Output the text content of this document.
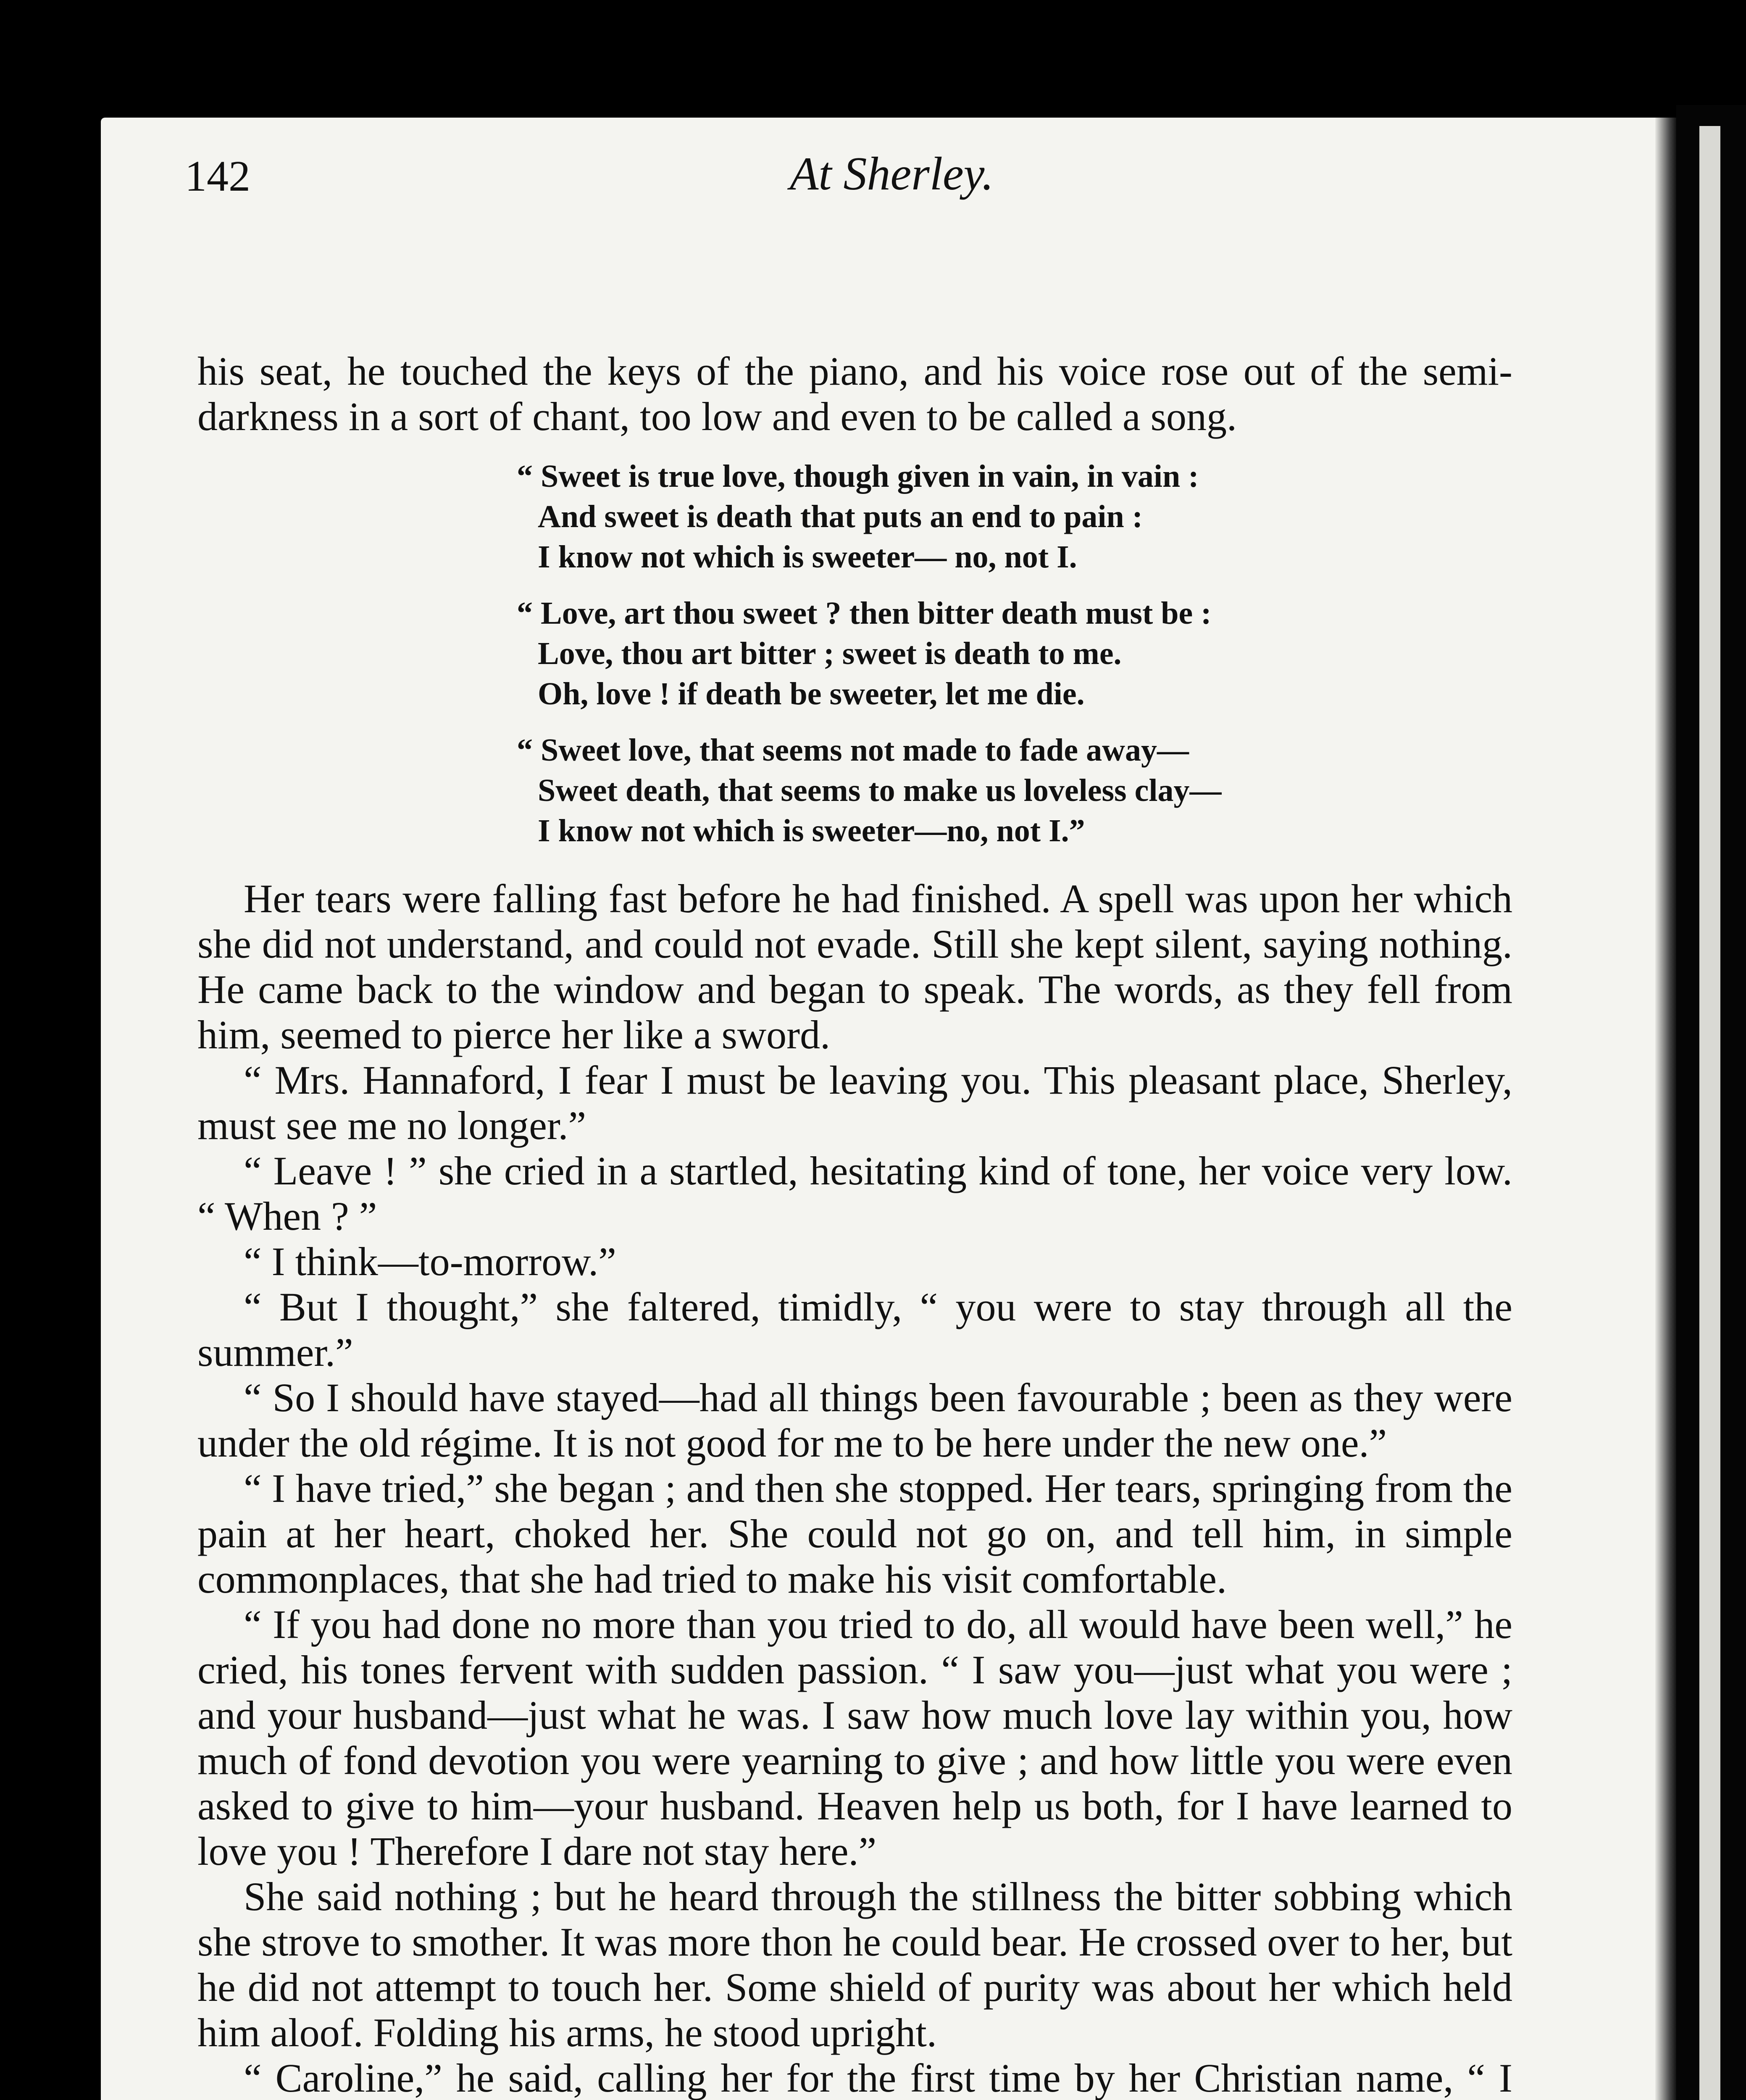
142	At Sherley.

his seat, he touched the keys of the piano, and his voice rose out of the semi-darkness in a sort of chant, too low and even to be called a song.

“ Sweet is true love, though given in vain, in vain :
And sweet is death that puts an end to pain :
I know not which is sweeter— no, not I.
“ Love, art thou sweet ? then bitter death must be :
Love, thou art bitter ; sweet is death to me.
Oh, love ! if death be sweeter, let me die.
“ Sweet love, that seems not made to fade away—
Sweet death, that seems to make us loveless clay—
I know not which is sweeter—no, not I.”

Her tears were falling fast before he had finished. A spell was upon her which she did not understand, and could not evade. Still she kept silent, saying nothing. He came back to the window and began to speak. The words, as they fell from him, seemed to pierce her like a sword.

“ Mrs. Hannaford, I fear I must be leaving you. This pleasant place, Sherley, must see me no longer.”

“ Leave ! ” she cried in a startled, hesitating kind of tone, her voice very low. “ When ? ”

“ I think—to-morrow.”

“ But I thought,” she faltered, timidly, “ you were to stay through all the summer.”

“ So I should have stayed—had all things been favourable ; been as they were under the old régime. It is not good for me to be here under the new one.”

“ I have tried,” she began ; and then she stopped. Her tears, springing from the pain at her heart, choked her. She could not go on, and tell him, in simple commonplaces, that she had tried to make his visit comfortable.

“ If you had done no more than you tried to do, all would have been well,” he cried, his tones fervent with sudden passion. “ I saw you—just what you were ; and your husband—just what he was. I saw how much love lay within you, how much of fond devotion you were yearning to give ; and how little you were even asked to give to him—your husband. Heaven help us both, for I have learned to love you ! Therefore I dare not stay here.”

She said nothing ; but he heard through the stillness the bitter sobbing which she strove to smother. It was more thon he could bear. He crossed over to her, but he did not attempt to touch her. Some shield of purity was about her which held him aloof. Folding his arms, he stood upright.

“ Caroline,” he said, calling her for the first time by her Christian name, “ I
